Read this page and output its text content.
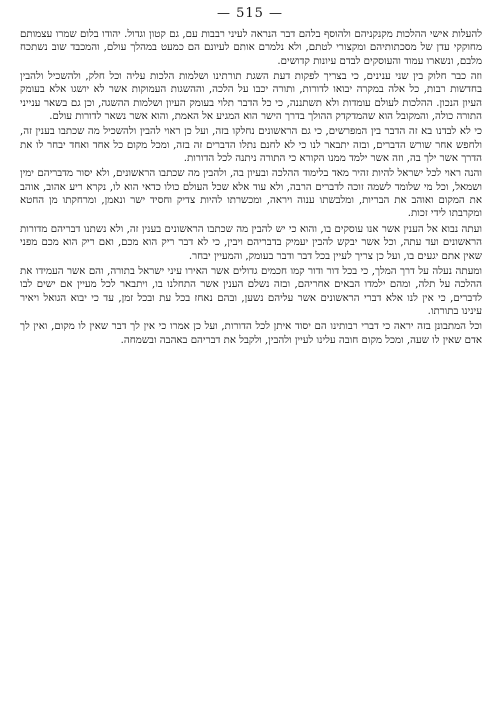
— 515 —

להעלות אישי ההלכות מקנקניהם ולהוסף בלהם דבר הנראה לעיני רבבות עם, גם קטון וגדול. יהודו בלום שמרו עצמותם מחוקקי עדן של מסכתותיהם ומקצורי לטתם, ולא נלמרם אותם לעיונם הם כמעט במהלך עולם, והמכבד שוב נשתכח מלבם, ונשארו עמוד והעוסקים לבדם עיונות קדושים.

וזה כבר חלוק בין שני ענינים, כי בצריך לפקות דעת השגת תורתינו ושלמות הלכות עליה וכל חלק, ולהשכיל ולהבין בחדשות רבות, כל אלה במקרה יבואו לדורות, ותורה יכבו על הלכה, וההשגות העמוקות אשר לא יושגו אלא בעומק העיון הנכון. ההלכות לעולם עומדות ולא תשתננה, כי כל הדבר תלוי בעומק העיון ושלמות ההשגה, וכן גם בשאר ענייני התורה כולה, והמקובל הוא שהמדקדק ההולך בדרך הישר הוא המגיע אל האמת, והוא אשר נשאר לדורות עולם.

כי לא לבדנו בא זה הדבר בין המפרשים, כי גם הראשונים נחלקו בזה, ועל כן ראוי להבין ולהשכיל מה שכתבו בענין זה, ולחפש אחר שורש הדברים, ובזה יתבאר לנו כי לא לחנם נתלו הדברים זה בזה, ומכל מקום כל אחד ואחד יבחר לו את הדרך אשר ילך בה, וזה אשר ילמד ממנו הקורא כי התורה ניתנה לכל הדורות.

והנה ראוי לכל ישראל להיות זהיר מאד בלימוד ההלכה ובעיון בה, ולהבין מה שכתבו הראשונים, ולא יסור מדבריהם ימין ושמאל, וכל מי שלומד לשמה זוכה לדברים הרבה, ולא עוד אלא שכל העולם כולו כדאי הוא לו, נקרא ריע אהוב, אוהב את המקום ואוהב את הבריות, ומלבשתו ענוה ויראה, ומכשרתו להיות צדיק וחסיד ישר ונאמן, ומרחקתו מן החטא ומקרבתו לידי זכות.

ועתה נבוא אל הענין אשר אנו עוסקים בו, והוא כי יש להבין מה שכתבו הראשונים בענין זה, ולא נשתנו דבריהם מדורות הראשונים ועד עתה, וכל אשר יבקש להבין יעמיק בדבריהם ויבין, כי לא דבר ריק הוא מכם, ואם ריק הוא מכם מפני שאין אתם יגעים בו, ועל כן צריך לעיין בכל דבר ודבר בעומק, והמעיין יבחר.

ומעתה נעלה על דרך המלך, כי בכל דור ודור קמו חכמים גדולים אשר האירו עיני ישראל בתורה, והם אשר העמידו את ההלכה על תלה, ומהם ילמדו הבאים אחריהם, ובזה נשלם הענין אשר התחלנו בו, ויתבאר לכל מעיין אם ישים לבו לדברים, כי אין לנו אלא דברי הראשונים אשר עליהם נשען, ובהם נאחז בכל עת ובכל זמן, עד כי יבוא הגואל ויאיר עינינו בתורתו.

וכל המתבונן בזה יראה כי דברי רבותינו הם יסוד איתן לכל הדורות, ועל כן אמרו כי אין לך דבר שאין לו מקום, ואין לך אדם שאין לו שעה, ומכל מקום חובה עלינו לעיין ולהבין, ולקבל את דבריהם באהבה ובשמחה.
